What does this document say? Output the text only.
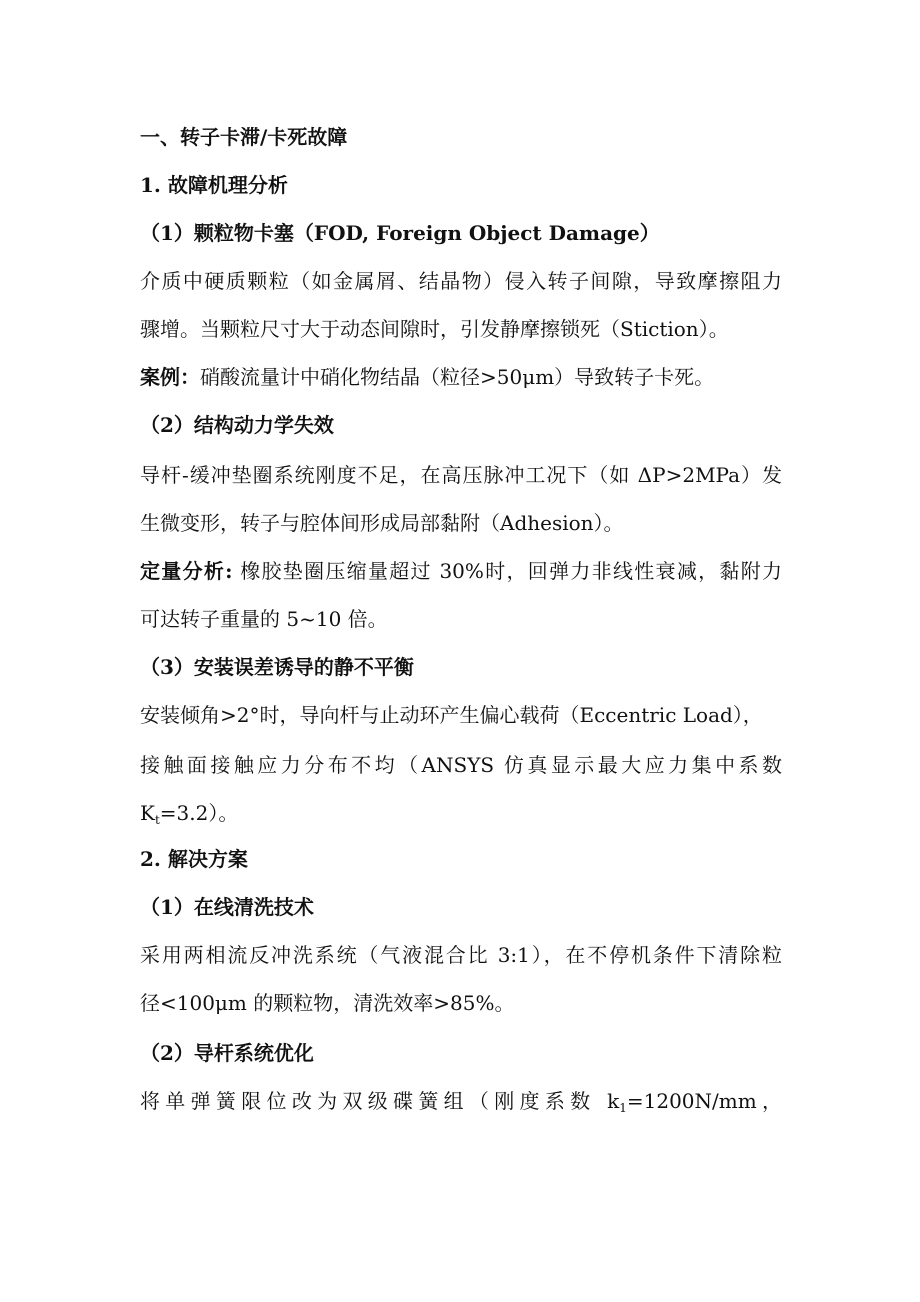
一、转子卡滞/卡死故障
1. 故障机理分析
（1）颗粒物卡塞（FOD, Foreign Object Damage）
介质中硬质颗粒（如金属屑、结晶物）侵入转子间隙，导致摩擦阻力
骤增。当颗粒尺寸大于动态间隙时，引发静摩擦锁死（Stiction）。
案例：硝酸流量计中硝化物结晶（粒径>50μm）导致转子卡死。
（2）结构动力学失效
导杆-缓冲垫圈系统刚度不足，在高压脉冲工况下（如 ΔP>2MPa）发
生微变形，转子与腔体间形成局部黏附（Adhesion）。
定量分析: 橡胶垫圈压缩量超过 30%时，回弹力非线性衰减，黏附力
可达转子重量的 5~10 倍。
（3）安装误差诱导的静不平衡
安装倾角>2°时，导向杆与止动环产生偏心载荷（Eccentric Load），
接触面接触应力分布不均（ANSYS 仿真显示最大应力集中系数
$K_t=3.2$）。
2. 解决方案
（1）在线清洗技术
采用两相流反冲洗系统（气液混合比 3:1），在不停机条件下清除粒
径<100μm 的颗粒物，清洗效率>85%。
（2）导杆系统优化
将单弹簧限位改为双级碟簧组（刚度系数 $k_1=1200N/mm$，
